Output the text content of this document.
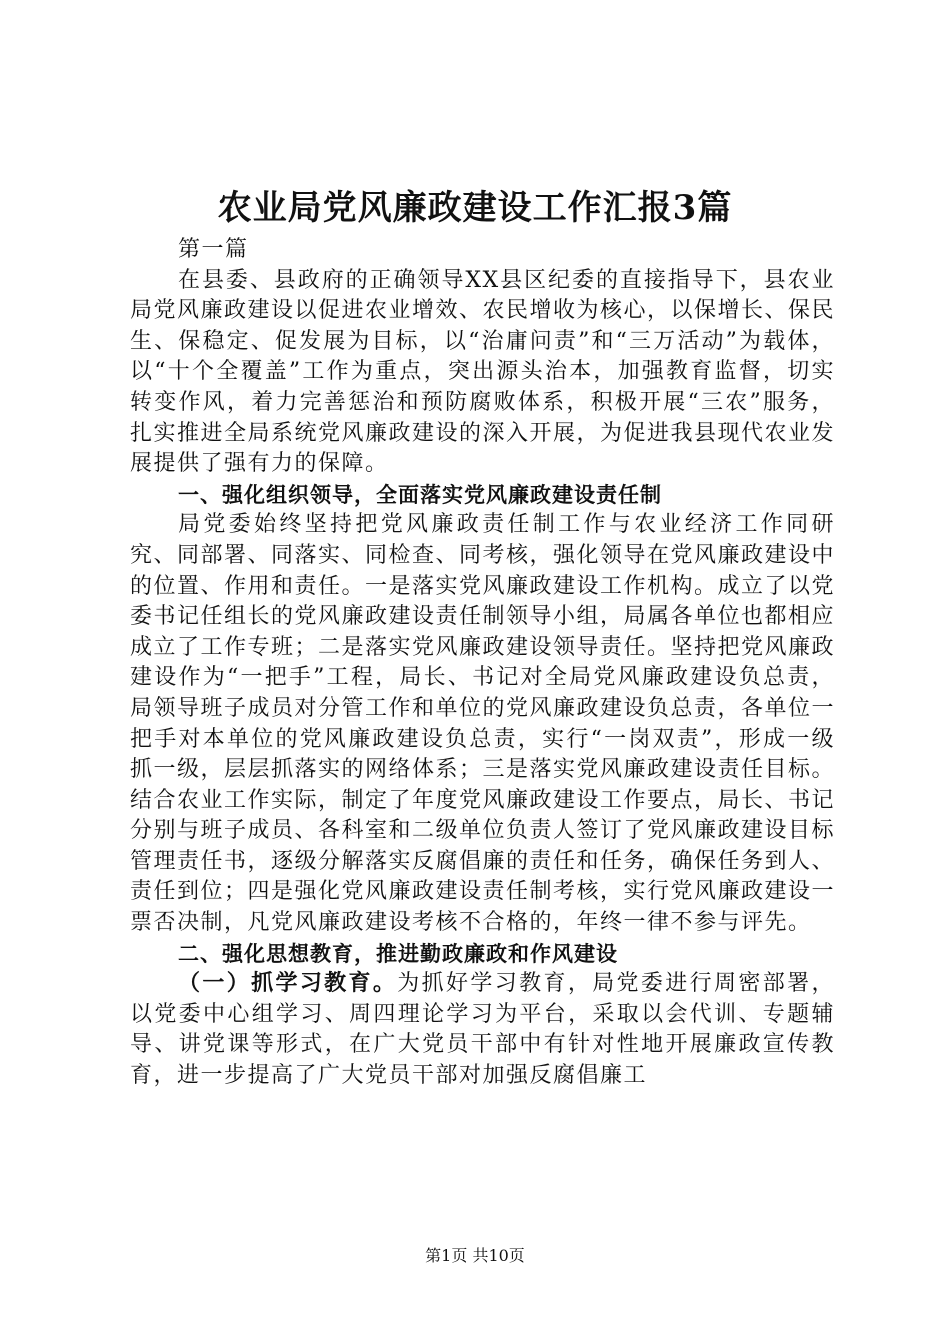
农业局党风廉政建设工作汇报3篇

第一篇

在县委、县政府的正确领导XX县区纪委的直接指导下，县农业局党风廉政建设以促进农业增效、农民增收为核心，以保增长、保民生、保稳定、促发展为目标，以“治庸问责”和“三万活动”为载体，以“十个全覆盖”工作为重点，突出源头治本，加强教育监督，切实转变作风，着力完善惩治和预防腐败体系，积极开展“三农”服务，扎实推进全局系统党风廉政建设的深入开展，为促进我县现代农业发展提供了强有力的保障。

一、强化组织领导，全面落实党风廉政建设责任制

局党委始终坚持把党风廉政责任制工作与农业经济工作同研究、同部署、同落实、同检查、同考核，强化领导在党风廉政建设中的位置、作用和责任。一是落实党风廉政建设工作机构。成立了以党委书记任组长的党风廉政建设责任制领导小组，局属各单位也都相应成立了工作专班；二是落实党风廉政建设领导责任。坚持把党风廉政建设作为“一把手”工程，局长、书记对全局党风廉政建设负总责，局领导班子成员对分管工作和单位的党风廉政建设负总责，各单位一把手对本单位的党风廉政建设负总责，实行“一岗双责”，形成一级抓一级，层层抓落实的网络体系；三是落实党风廉政建设责任目标。结合农业工作实际，制定了年度党风廉政建设工作要点，局长、书记分别与班子成员、各科室和二级单位负责人签订了党风廉政建设目标管理责任书，逐级分解落实反腐倡廉的责任和任务，确保任务到人、责任到位；四是强化党风廉政建设责任制考核，实行党风廉政建设一票否决制，凡党风廉政建设考核不合格的，年终一律不参与评先。

二、强化思想教育，推进勤政廉政和作风建设

（一）抓学习教育。为抓好学习教育，局党委进行周密部署，以党委中心组学习、周四理论学习为平台，采取以会代训、专题辅导、讲党课等形式，在广大党员干部中有针对性地开展廉政宣传教育，进一步提高了广大党员干部对加强反腐倡廉工

第1页 共10页
